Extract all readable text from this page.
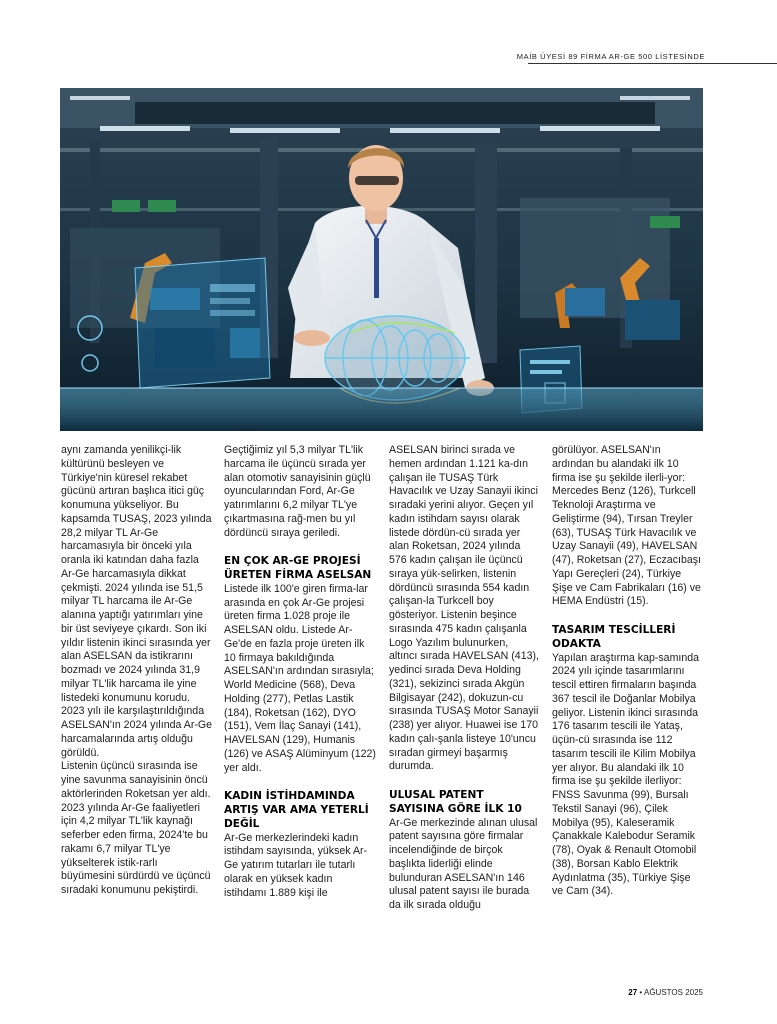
MAİB ÜYESİ 89 FİRMA AR-GE 500 LİSTESİNDE

aynı zamanda yenilikçi-lik kültürünü besleyen ve Türkiye'nin küresel rekabet gücünü artıran başlıca itici güç konumuna yükseliyor. Bu kapsamda TUSAŞ, 2023 yılında 28,2 milyar TL Ar-Ge harcamasıyla bir önceki yıla oranla iki katından daha fazla Ar-Ge harcamasıyla dikkat çekmişti. 2024 yılında ise 51,5 milyar TL harcama ile Ar-Ge alanına yaptığı yatırımları yine bir üst seviyeye çıkardı. Son iki yıldır listenin ikinci sırasında yer alan ASELSAN da istikrarını bozmadı ve 2024 yılında 31,9 milyar TL'lik harcama ile yine listedeki konumunu korudu. 2023 yılı ile karşılaştırıldığında ASELSAN'ın 2024 yılında Ar-Ge harcamalarında artış olduğu görüldü.

Listenin üçüncü sırasında ise yine savunma sanayisinin öncü aktörlerinden Roketsan yer aldı. 2023 yılında Ar-Ge faaliyetleri için 4,2 milyar TL'lik kaynağı seferber eden firma, 2024'te bu rakamı 6,7 milyar TL'ye yükselterek istik-rarlı büyümesini sürdürdü ve üçüncü sıradaki konumunu pekiştirdi.

Geçtiğimiz yıl 5,3 milyar TL'lik harcama ile üçüncü sırada yer alan otomotiv sanayisinin güçlü oyuncularından Ford, Ar-Ge yatırımlarını 6,2 milyar TL'ye çıkartmasına rağ-men bu yıl dördüncü sıraya geriledi.

EN ÇOK AR-GE PROJESİ ÜRETEN FİRMA ASELSAN

Listede ilk 100'e giren firma-lar arasında en çok Ar-Ge projesi üreten firma 1.028 proje ile ASELSAN oldu. Listede Ar-Ge'de en fazla proje üreten ilk 10 firmaya bakıldığında ASELSAN'ın ardından sırasıyla; World Medicine (568), Deva Holding (277), Petlas Lastik (184), Roketsan (162), DYO (151), Vem İlaç Sanayi (141), HAVELSAN (129), Humanis (126) ve ASAŞ Alüminyum (122) yer aldı.

KADIN İSTİHDAMINDA ARTIŞ VAR AMA YETERLİ DEĞİL

Ar-Ge merkezlerindeki kadın istihdam sayısında, yüksek Ar-Ge yatırım tutarları ile tutarlı olarak en yüksek kadın istihdamı 1.889 kişi ile

ASELSAN birinci sırada ve hemen ardından 1.121 ka-dın çalışan ile TUSAŞ Türk Havacılık ve Uzay Sanayii ikinci sıradaki yerini alıyor. Geçen yıl kadın istihdam sayısı olarak listede dördün-cü sırada yer alan Roketsan, 2024 yılında 576 kadın çalışan ile üçüncü sıraya yük-selirken, listenin dördüncü sırasında 554 kadın çalışan-la Turkcell boy gösteriyor. Listenin beşince sırasında 475 kadın çalışanla Logo Yazılım bulunurken, altıncı sırada HAVELSAN (413), yedinci sırada Deva Holding (321), sekizinci sırada Akgün Bilgisayar (242), dokuzun-cu sırasında TUSAŞ Motor Sanayii (238) yer alıyor. Huawei ise 170 kadın çalı-şanla listeye 10'uncu sıradan girmeyi başarmış durumda.

ULUSAL PATENT SAYISINA GÖRE İLK 10

Ar-Ge merkezinde alınan ulusal patent sayısına göre firmalar incelendiğinde de birçok başlıkta liderliği elinde bulunduran ASELSAN'ın 146 ulusal patent sayısı ile burada da ilk sırada olduğu

görülüyor. ASELSAN'ın ardından bu alandaki ilk 10 firma ise şu şekilde ilerli-yor: Mercedes Benz (126), Turkcell Teknoloji Araştırma ve Geliştirme (94), Tırsan Treyler (63), TUSAŞ Türk Havacılık ve Uzay Sanayii (49), HAVELSAN (47), Roketsan (27), Eczacıbaşı Yapı Gereçleri (24), Türkiye Şişe ve Cam Fabrikaları (16) ve HEMA Endüstri (15).

TASARIM TESCİLLERİ ODAKTA

Yapılan araştırma kap-samında 2024 yılı içinde tasarımlarını tescil ettiren firmaların başında 367 tescil ile Doğanlar Mobilya geliyor. Listenin ikinci sırasında 176 tasarım tescili ile Yataş, üçün-cü sırasında ise 112 tasarım tescili ile Kilim Mobilya yer alıyor. Bu alandaki ilk 10 firma ise şu şekilde ilerliyor: FNSS Savunma (99), Bursalı Tekstil Sanayi (96), Çilek Mobilya (95), Kaleseramik Çanakkale Kalebodur Seramik (78), Oyak & Renault Otomobil (38), Borsan Kablo Elektrik Aydınlatma (35), Türkiye Şişe ve Cam (34).

27 • AĞUSTOS 2025
